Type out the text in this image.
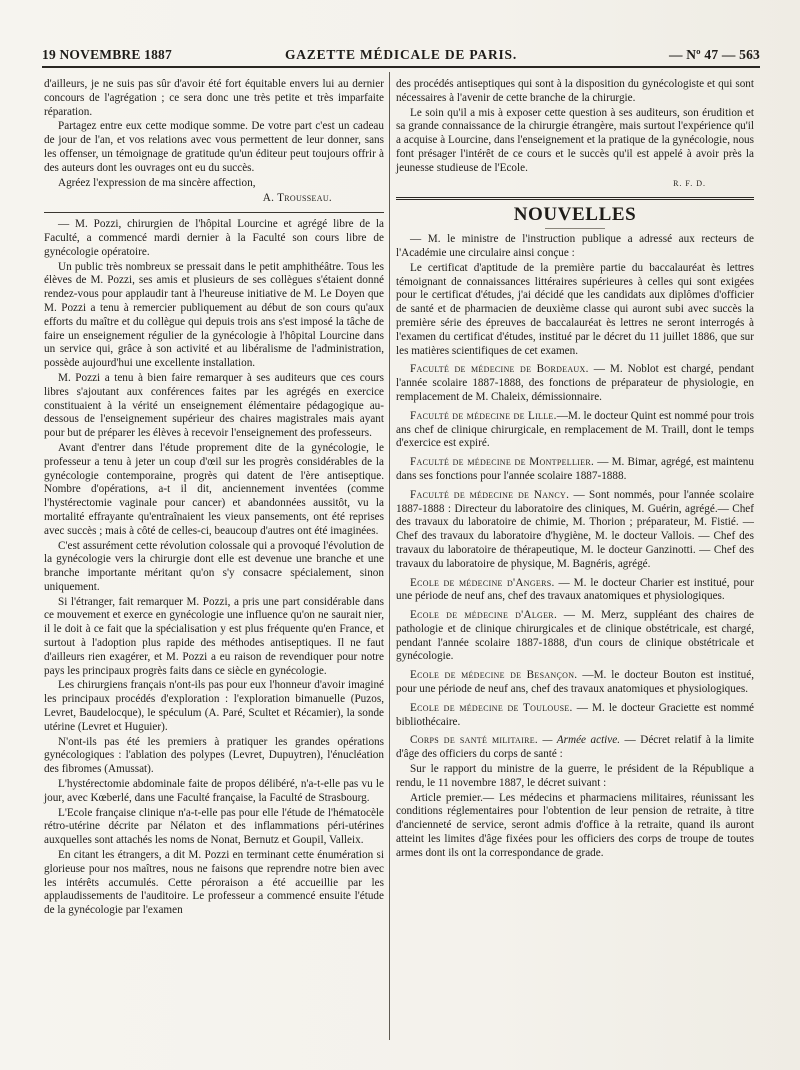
19 NOVEMBRE 1887	GAZETTE MÉDICALE DE PARIS.	— Nº 47 — 563

d'ailleurs, je ne suis pas sûr d'avoir été fort équitable envers lui au dernier concours de l'agrégation ; ce sera donc une très petite et très imparfaite réparation.

Partagez entre eux cette modique somme. De votre part c'est un cadeau de jour de l'an, et vos relations avec vous permettent de leur donner, sans les offenser, un témoignage de gratitude qu'un éditeur peut toujours offrir à des auteurs dont les ouvrages ont eu du succès.

Agréez l'expression de ma sincère affection,

A. Trousseau.

— M. Pozzi, chirurgien de l'hôpital Lourcine et agrégé libre de la Faculté, a commencé mardi dernier à la Faculté son cours libre de gynécologie opératoire.

Un public très nombreux se pressait dans le petit amphithéâtre. Tous les élèves de M. Pozzi, ses amis et plusieurs de ses collègues s'étaient donné rendez-vous pour applaudir tant à l'heureuse initiative de M. Le Doyen que M. Pozzi a tenu à remercier publiquement au début de son cours qu'aux efforts du maître et du collègue qui depuis trois ans s'est imposé la tâche de faire un enseignement régulier de la gynécologie à l'hôpital Lourcine dans un service qui, grâce à son activité et au libéralisme de l'administration, possède aujourd'hui une excellente installation.

M. Pozzi a tenu à bien faire remarquer à ses auditeurs que ces cours libres s'ajoutant aux conférences faites par les agrégés en exercice constituaient à la vérité un enseignement élémentaire pédagogique au-dessous de l'enseignement supérieur des chaires magistrales mais ayant pour but de préparer les élèves à recevoir l'enseignement des professeurs.

Avant d'entrer dans l'étude proprement dite de la gynécologie, le professeur a tenu à jeter un coup d'œil sur les progrès considérables de la gynécologie contemporaine, progrès qui datent de l'ère antiseptique. Nombre d'opérations, a-t il dit, anciennement inventées (comme l'hystérectomie vaginale pour cancer) et abandonnées aussitôt, vu la mortalité effrayante qu'entraînaient les vieux pansements, ont été reprises avec succès ; mais à côté de celles-ci, beaucoup d'autres ont été imaginées.

C'est assurément cette révolution colossale qui a provoqué l'évolution de la gynécologie vers la chirurgie dont elle est devenue une branche et une branche importante méritant qu'on s'y consacre spécialement, sinon uniquement.

Si l'étranger, fait remarquer M. Pozzi, a pris une part considérable dans ce mouvement et exerce en gynécologie une influence qu'on ne saurait nier, il le doit à ce fait que la spécialisation y est plus fréquente qu'en France, et surtout à l'adoption plus rapide des méthodes antiseptiques. Il ne faut d'ailleurs rien exagérer, et M. Pozzi a eu raison de revendiquer pour notre pays les principaux progrès faits dans ce siècle en gynécologie.

Les chirurgiens français n'ont-ils pas pour eux l'honneur d'avoir imaginé les principaux procédés d'exploration : l'exploration bimanuelle (Puzos, Levret, Baudelocque), le spéculum (A. Paré, Scultet et Récamier), la sonde utérine (Levret et Huguier).

N'ont-ils pas été les premiers à pratiquer les grandes opérations gynécologiques : l'ablation des polypes (Levret, Dupuytren), l'énucléation des fibromes (Amussat).

L'hystérectomie abdominale faite de propos délibéré, n'a-t-elle pas vu le jour, avec Kœberlé, dans une Faculté française, la Faculté de Strasbourg.

L'Ecole française clinique n'a-t-elle pas pour elle l'étude de l'hématocèle rétro-utérine décrite par Nélaton et des inflammations péri-utérines auxquelles sont attachés les noms de Nonat, Bernutz et Goupil, Valleix.

En citant les étrangers, a dit M. Pozzi en terminant cette énumération si glorieuse pour nos maîtres, nous ne faisons que reprendre notre bien avec les intérêts accumulés. Cette péroraison a été accueillie par les applaudissements de l'auditoire. Le professeur a commencé ensuite l'étude de la gynécologie par l'examen

des procédés antiseptiques qui sont à la disposition du gynécologiste et qui sont nécessaires à l'avenir de cette branche de la chirurgie.

Le soin qu'il a mis à exposer cette question à ses auditeurs, son érudition et sa grande connaissance de la chirurgie étrangère, mais surtout l'expérience qu'il a acquise à Lourcine, dans l'enseignement et la pratique de la gynécologie, nous font présager l'intérêt de ce cours et le succès qu'il est appelé à avoir près la jeunesse studieuse de l'Ecole.

R. F. D.
NOUVELLES

— M. le ministre de l'instruction publique a adressé aux recteurs de l'Académie une circulaire ainsi conçue :

Le certificat d'aptitude de la première partie du baccalauréat ès lettres témoignant de connaissances littéraires supérieures à celles qui sont exigées pour le certificat d'études, j'ai décidé que les candidats aux diplômes d'officier de santé et de pharmacien de deuxième classe qui auront subi avec succès la première série des épreuves de baccalauréat ès lettres ne seront interrogés à l'examen du certificat d'études, institué par le décret du 11 juillet 1886, que sur les matières scientifiques de cet examen.

Faculté de médecine de Bordeaux. — M. Noblot est chargé, pendant l'année scolaire 1887-1888, des fonctions de préparateur de physiologie, en remplacement de M. Chaleix, démissionnaire.

Faculté de médecine de Lille.—M. le docteur Quint est nommé pour trois ans chef de clinique chirurgicale, en remplacement de M. Traill, dont le temps d'exercice est expiré.

Faculté de médecine de Montpellier. — M. Bimar, agrégé, est maintenu dans ses fonctions pour l'année scolaire 1887-1888.

Faculté de médecine de Nancy. — Sont nommés, pour l'année scolaire 1887-1888 : Directeur du laboratoire des cliniques, M. Guérin, agrégé.— Chef des travaux du laboratoire de chimie, M. Thorion ; préparateur, M. Fistié. — Chef des travaux du laboratoire d'hygiène, M. le docteur Vallois. — Chef des travaux du laboratoire de thérapeutique, M. le docteur Ganzinotti. — Chef des travaux du laboratoire de physique, M. Bagnéris, agrégé.

Ecole de médecine d'Angers. — M. le docteur Charier est institué, pour une période de neuf ans, chef des travaux anatomiques et physiologiques.

Ecole de médecine d'Alger. — M. Merz, suppléant des chaires de pathologie et de clinique chirurgicales et de clinique obstétricale, est chargé, pendant l'année scolaire 1887-1888, d'un cours de clinique obstétricale et gynécologie.

Ecole de médecine de Besançon. —M. le docteur Bouton est institué, pour une période de neuf ans, chef des travaux anatomiques et physiologiques.

Ecole de médecine de Toulouse. — M. le docteur Graciette est nommé bibliothécaire.

Corps de santé militaire. — Armée active. — Décret relatif à la limite d'âge des officiers du corps de santé :

Sur le rapport du ministre de la guerre, le président de la République a rendu, le 11 novembre 1887, le décret suivant :

Article premier.— Les médecins et pharmaciens militaires, réunissant les conditions réglementaires pour l'obtention de leur pension de retraite, à titre d'ancienneté de service, seront admis d'office à la retraite, quand ils auront atteint les limites d'âge fixées pour les officiers des corps de troupe de toutes armes dont ils ont la correspondance de grade.
